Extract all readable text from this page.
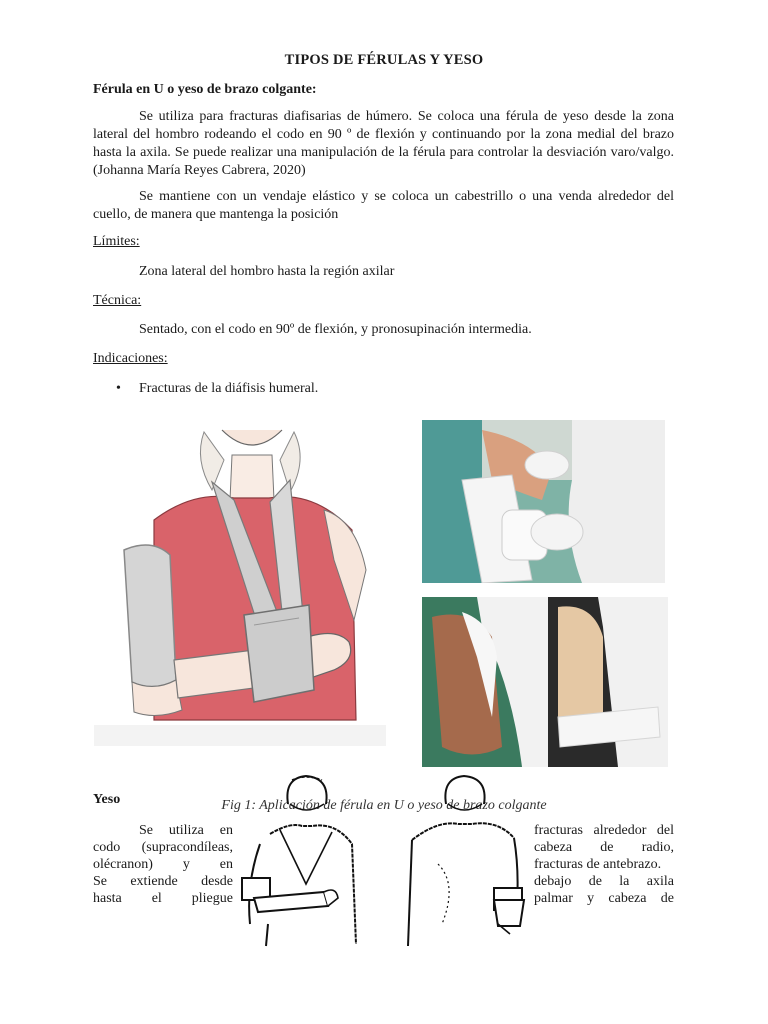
TIPOS DE FÉRULAS Y YESO
Férula en U o yeso de brazo colgante:
Se utiliza para fracturas diafisarias de húmero. Se coloca una férula de yeso desde la zona lateral del hombro rodeando el codo en 90 º de flexión y continuando por la zona medial del brazo hasta la axila. Se puede realizar una manipulación de la férula para controlar la desviación varo/valgo. (Johanna María Reyes Cabrera, 2020)
Se mantiene con un vendaje elástico y se coloca un cabestrillo o una venda alrededor del cuello, de manera que mantenga la posición
Límites:
Zona lateral del hombro hasta la región axilar
Técnica:
Sentado, con el codo en 90º de flexión, y pronosupinación intermedia.
Indicaciones:
• Fracturas de la diáfisis humeral.
Fig 1: Aplicación de férula en U o yeso de brazo colgante
Yeso
Se utiliza en
codo (supracondíleas,
olécranon) y en
Se extiende desde
hasta el pliegue
fracturas alrededor del
cabeza de radio,
fracturas de antebrazo.
debajo de la axila
palmar y cabeza de
